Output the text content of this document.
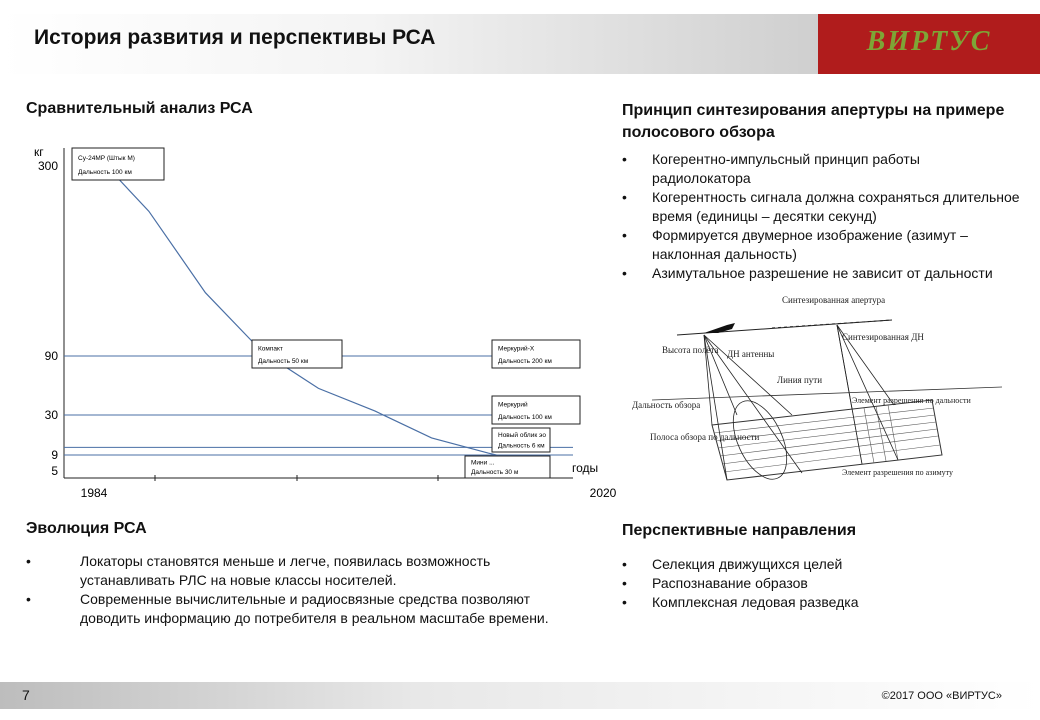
История развития и перспективы РСА	ВИРТУС
Сравнительный анализ РСА
кг
годы
300
90
30
9
5
1984	2020
Су-24МР (Штык М)
Дальность 100 км
Компакт
Дальность 50 км
Меркурий-X
Дальность 200 км
Меркурий
Дальность 100 км
Новый облик эо
Дальность 6 км
Мини ...
Дальность 30 м
Принцип синтезирования апертуры на примере
полосового обзора
• Когерентно-импульсный принцип работы радиолокатора
• Когерентность сигнала должна сохраняться длительное время (единицы – десятки секунд)
• Формируется двумерное изображение (азимут – наклонная дальность)
• Азимутальное разрешение не зависит от дальности
Синтезированная апертура
Высота полёта ДН антенны
Синтезированная ДН
Линия пути
Дальность обзора	Элемент разрешения по дальности
Полоса обзора по дальности
Элемент разрешения по азимуту
Эволюция РСА
• Локаторы становятся меньше и легче, появилась возможность устанавливать РЛС на новые классы носителей.
• Современные вычислительные и радиосвязные средства позволяют доводить информацию до потребителя в реальном масштабе времени.
Перспективные направления
• Селекция движущихся целей
• Распознавание образов
• Комплексная ледовая разведка
7	©2017 ООО «ВИРТУС»
